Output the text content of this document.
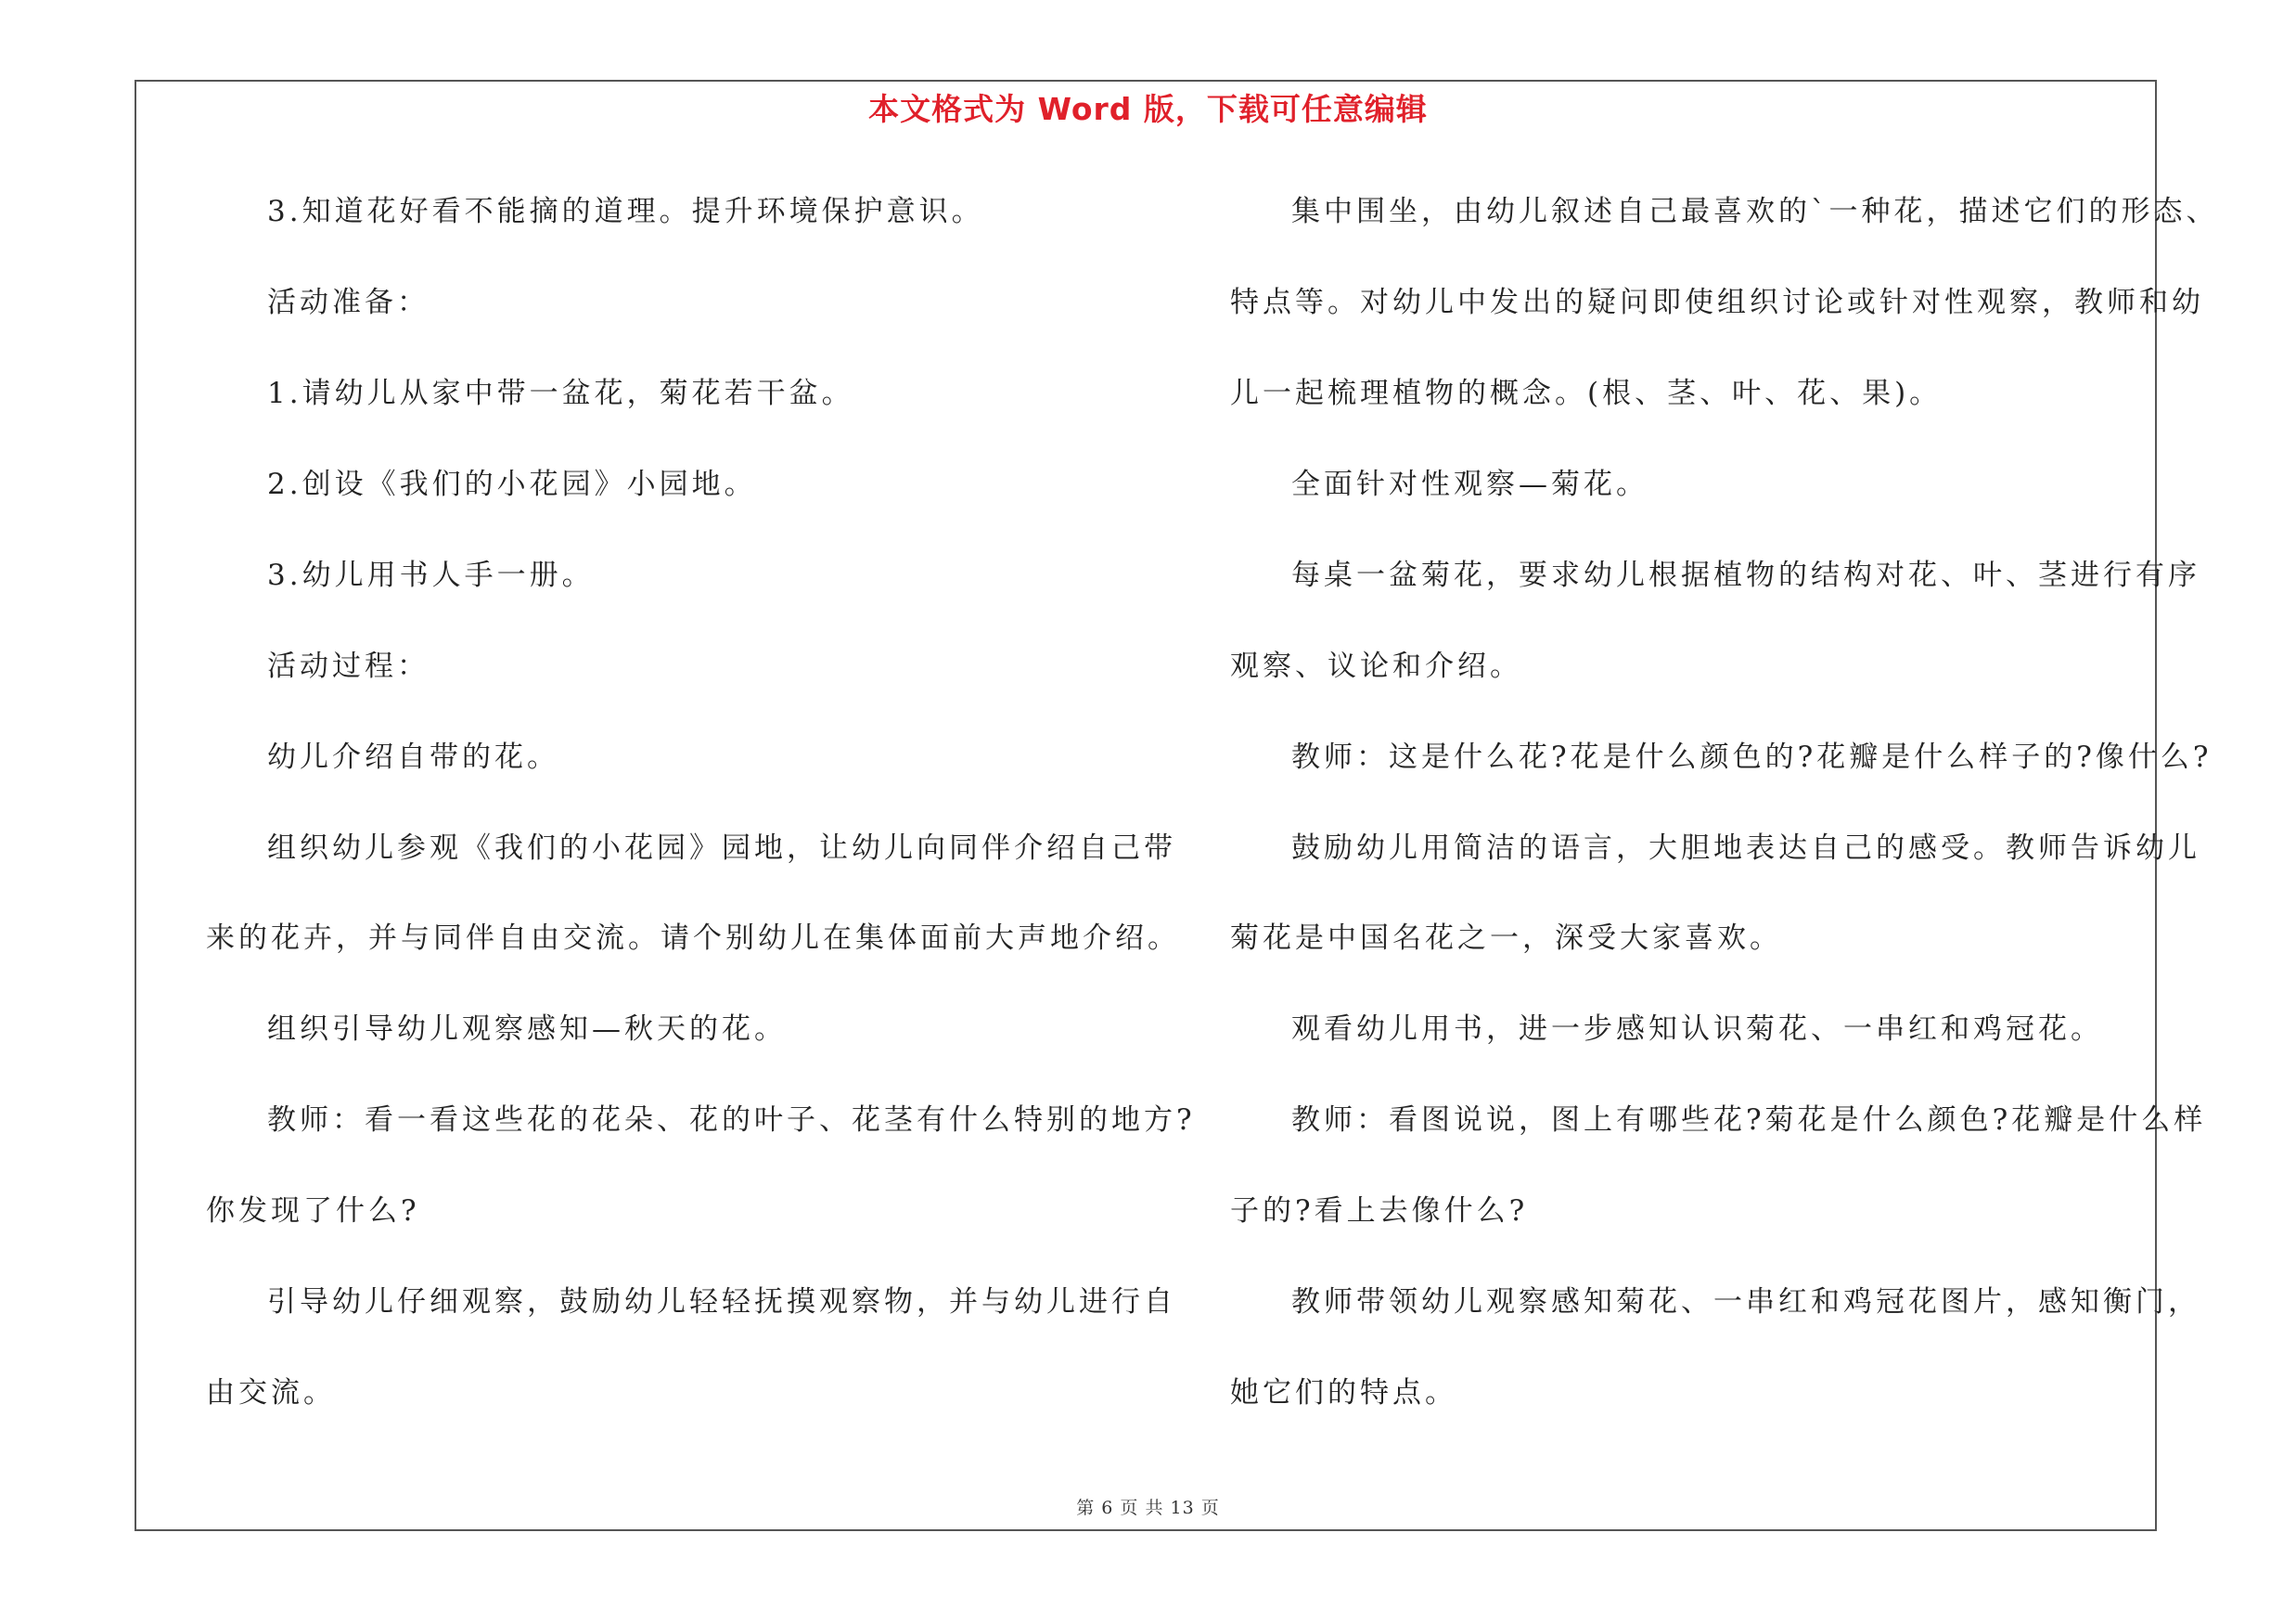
本文格式为 Word 版，下载可任意编辑
3.知道花好看不能摘的道理。提升环境保护意识。
活动准备：
1.请幼儿从家中带一盆花，菊花若干盆。
2.创设《我们的小花园》小园地。
3.幼儿用书人手一册。
活动过程：
幼儿介绍自带的花。
组织幼儿参观《我们的小花园》园地，让幼儿向同伴介绍自己带
来的花卉，并与同伴自由交流。请个别幼儿在集体面前大声地介绍。
组织引导幼儿观察感知—秋天的花。
教师：看一看这些花的花朵、花的叶子、花茎有什么特别的地方?
你发现了什么?
引导幼儿仔细观察，鼓励幼儿轻轻抚摸观察物，并与幼儿进行自
由交流。
集中围坐，由幼儿叙述自己最喜欢的`一种花，描述它们的形态、
特点等。对幼儿中发出的疑问即使组织讨论或针对性观察，教师和幼
儿一起梳理植物的概念。(根、茎、叶、花、果)。
全面针对性观察—菊花。
每桌一盆菊花，要求幼儿根据植物的结构对花、叶、茎进行有序
观察、议论和介绍。
教师：这是什么花?花是什么颜色的?花瓣是什么样子的?像什么?
鼓励幼儿用简洁的语言，大胆地表达自己的感受。教师告诉幼儿
菊花是中国名花之一，深受大家喜欢。
观看幼儿用书，进一步感知认识菊花、一串红和鸡冠花。
教师：看图说说，图上有哪些花?菊花是什么颜色?花瓣是什么样
子的?看上去像什么?
教师带领幼儿观察感知菊花、一串红和鸡冠花图片，感知衡门，
她它们的特点。
第 6 页 共 13 页
